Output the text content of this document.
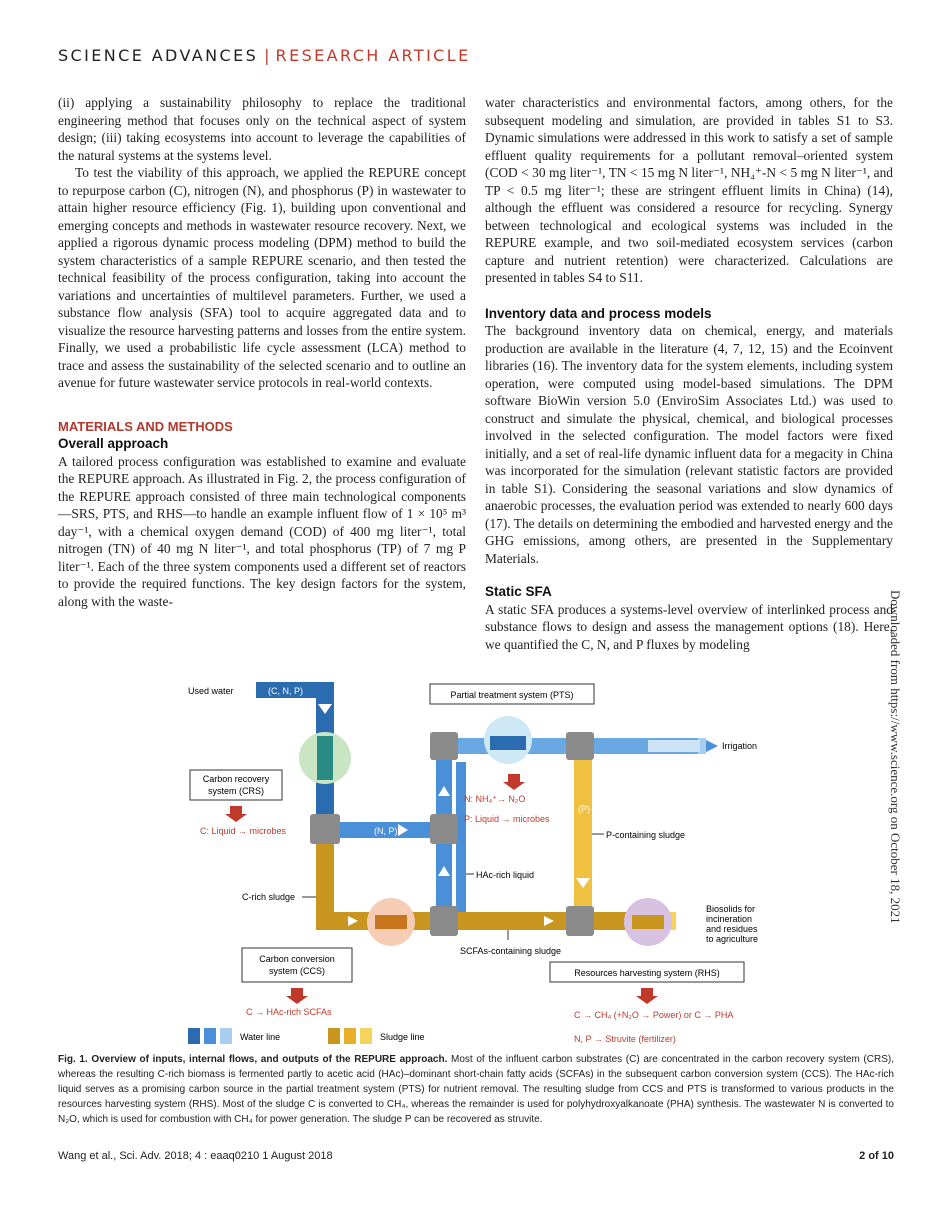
SCIENCE ADVANCES | RESEARCH ARTICLE

(ii) applying a sustainability philosophy to replace the traditional engineering method that focuses only on the technical aspect of system design; (iii) taking ecosystems into account to leverage the capabilities of the natural systems at the systems level.

To test the viability of this approach, we applied the REPURE concept to repurpose carbon (C), nitrogen (N), and phosphorus (P) in wastewater to attain higher resource efficiency (Fig. 1), building upon conventional and emerging concepts and methods in wastewater resource recovery. Next, we applied a rigorous dynamic process modeling (DPM) method to build the system characteristics of a sample REPURE scenario, and then tested the technical feasibility of the process configuration, taking into account the variations and uncertainties of multilevel parameters. Further, we used a substance flow analysis (SFA) tool to acquire aggregated data and to visualize the resource harvesting patterns and losses from the entire system. Finally, we used a probabilistic life cycle assessment (LCA) method to trace and assess the sustainability of the selected scenario and to outline an avenue for future wastewater service protocols in real-world contexts.

MATERIALS AND METHODS
Overall approach

A tailored process configuration was established to examine and evaluate the REPURE approach. As illustrated in Fig. 2, the process configuration of the REPURE approach consisted of three main technological components—SRS, PTS, and RHS—to handle an example influent flow of 1 × 10⁵ m³ day⁻¹, with a chemical oxygen demand (COD) of 400 mg liter⁻¹, total nitrogen (TN) of 40 mg N liter⁻¹, and total phosphorus (TP) of 7 mg P liter⁻¹. Each of the three system components used a different set of reactors to provide the required functions. The key design factors for the system, along with the waste-

water characteristics and environmental factors, among others, for the subsequent modeling and simulation, are provided in tables S1 to S3. Dynamic simulations were addressed in this work to satisfy a set of sample effluent quality requirements for a pollutant removal–oriented system (COD < 30 mg liter⁻¹, TN < 15 mg N liter⁻¹, NH₄⁺-N < 5 mg N liter⁻¹, and TP < 0.5 mg liter⁻¹; these are stringent effluent limits in China) (14), although the effluent was considered a resource for recycling. Synergy between technological and ecological systems was included in the REPURE example, and two soil-mediated ecosystem services (carbon capture and nutrient retention) were characterized. Calculations are presented in tables S4 to S11.

Inventory data and process models

The background inventory data on chemical, energy, and materials production are available in the literature (4, 7, 12, 15) and the Ecoinvent libraries (16). The inventory data for the system elements, including system operation, were computed using model-based simulations. The DPM software BioWin version 5.0 (EnviroSim Associates Ltd.) was used to construct and simulate the physical, chemical, and biological processes involved in the selected configuration. The model factors were fixed initially, and a set of real-life dynamic influent data for a megacity in China was incorporated for the simulation (relevant statistic factors are provided in table S1). Considering the seasonal variations and slow dynamics of anaerobic processes, the evaluation period was extended to nearly 600 days (17). The details on determining the embodied and harvested energy and the GHG emissions, among others, are presented in the Supplementary Materials.

Static SFA

A static SFA produces a systems-level overview of interlinked process and substance flows to design and assess the management options (18). Here, we quantified the C, N, and P fluxes by modeling	Downloaded from https://www.science.org on October 18, 2021
Irrigation
Used water	(C, N, P)	Partial treatment system (PTS)
Carbon recovery
system (CRS)
C: Liquid → microbes	(N, P)
N: NH₄⁺→ N₂O
P: Liquid → microbes
(P)
P-containing sludge
HAc-rich liquid
C-rich sludge
Biosolids for
incineration
and residues
to agriculture
SCFAs-containing sludge
Carbon conversion
system (CCS)	Resources harvesting system (RHS)
C → HAc-rich SCFAs	C → CH₄ (+N₂O → Power) or C → PHA
N, P → Struvite (fertilizer)
Water line	Sludge line
Fig. 1. Overview of inputs, internal flows, and outputs of the REPURE approach. Most of the influent carbon substrates (C) are concentrated in the carbon recovery system (CRS), whereas the resulting C-rich biomass is fermented partly to acetic acid (HAc)–dominant short-chain fatty acids (SCFAs) in the subsequent carbon conversion system (CCS). The HAc-rich liquid serves as a promising carbon source in the partial treatment system (PTS) for nutrient removal. The resulting sludge from CCS and PTS is transformed to various products in the resources harvesting system (RHS). Most of the sludge C is converted to CH₄, whereas the remainder is used for polyhydroxyalkanoate (PHA) synthesis. The wastewater N is converted to N₂O, which is used for combustion with CH₄ for power generation. The sludge P can be recovered as struvite.
Wang et al., Sci. Adv. 2018; 4 : eaaq0210 1 August 2018	2 of 10
